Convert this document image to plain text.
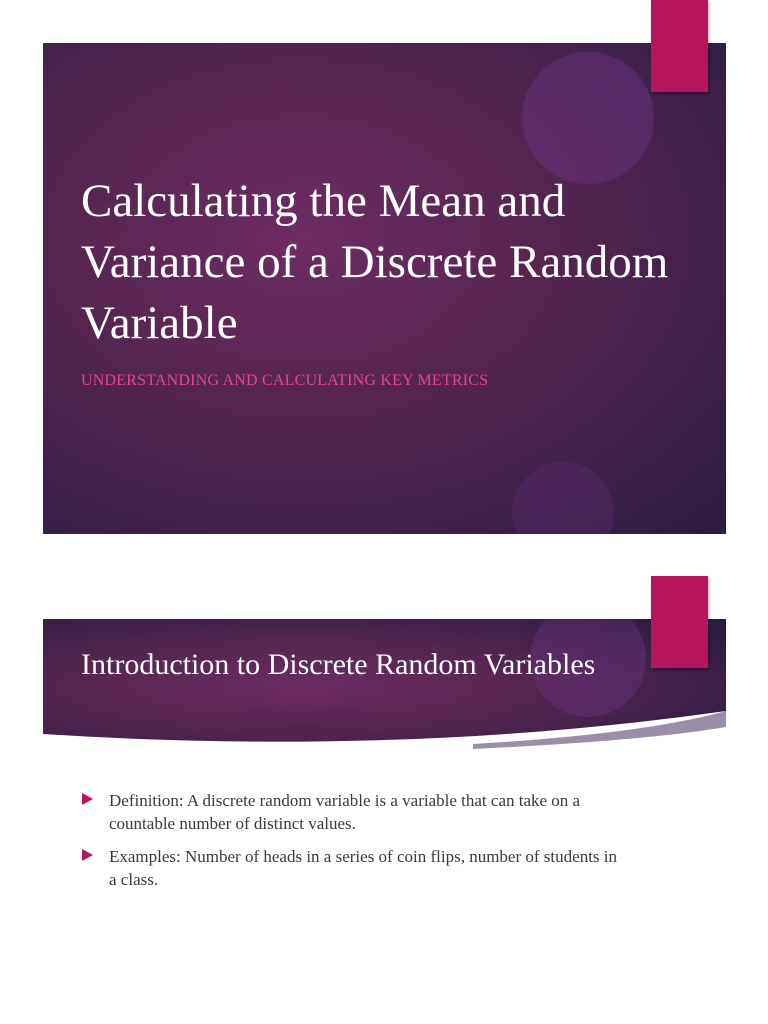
Calculating the Mean and Variance of a Discrete Random Variable

UNDERSTANDING AND CALCULATING KEY METRICS

Introduction to Discrete Random Variables
Definition: A discrete random variable is a variable that can take on a countable number of distinct values.
Examples: Number of heads in a series of coin flips, number of students in a class.
